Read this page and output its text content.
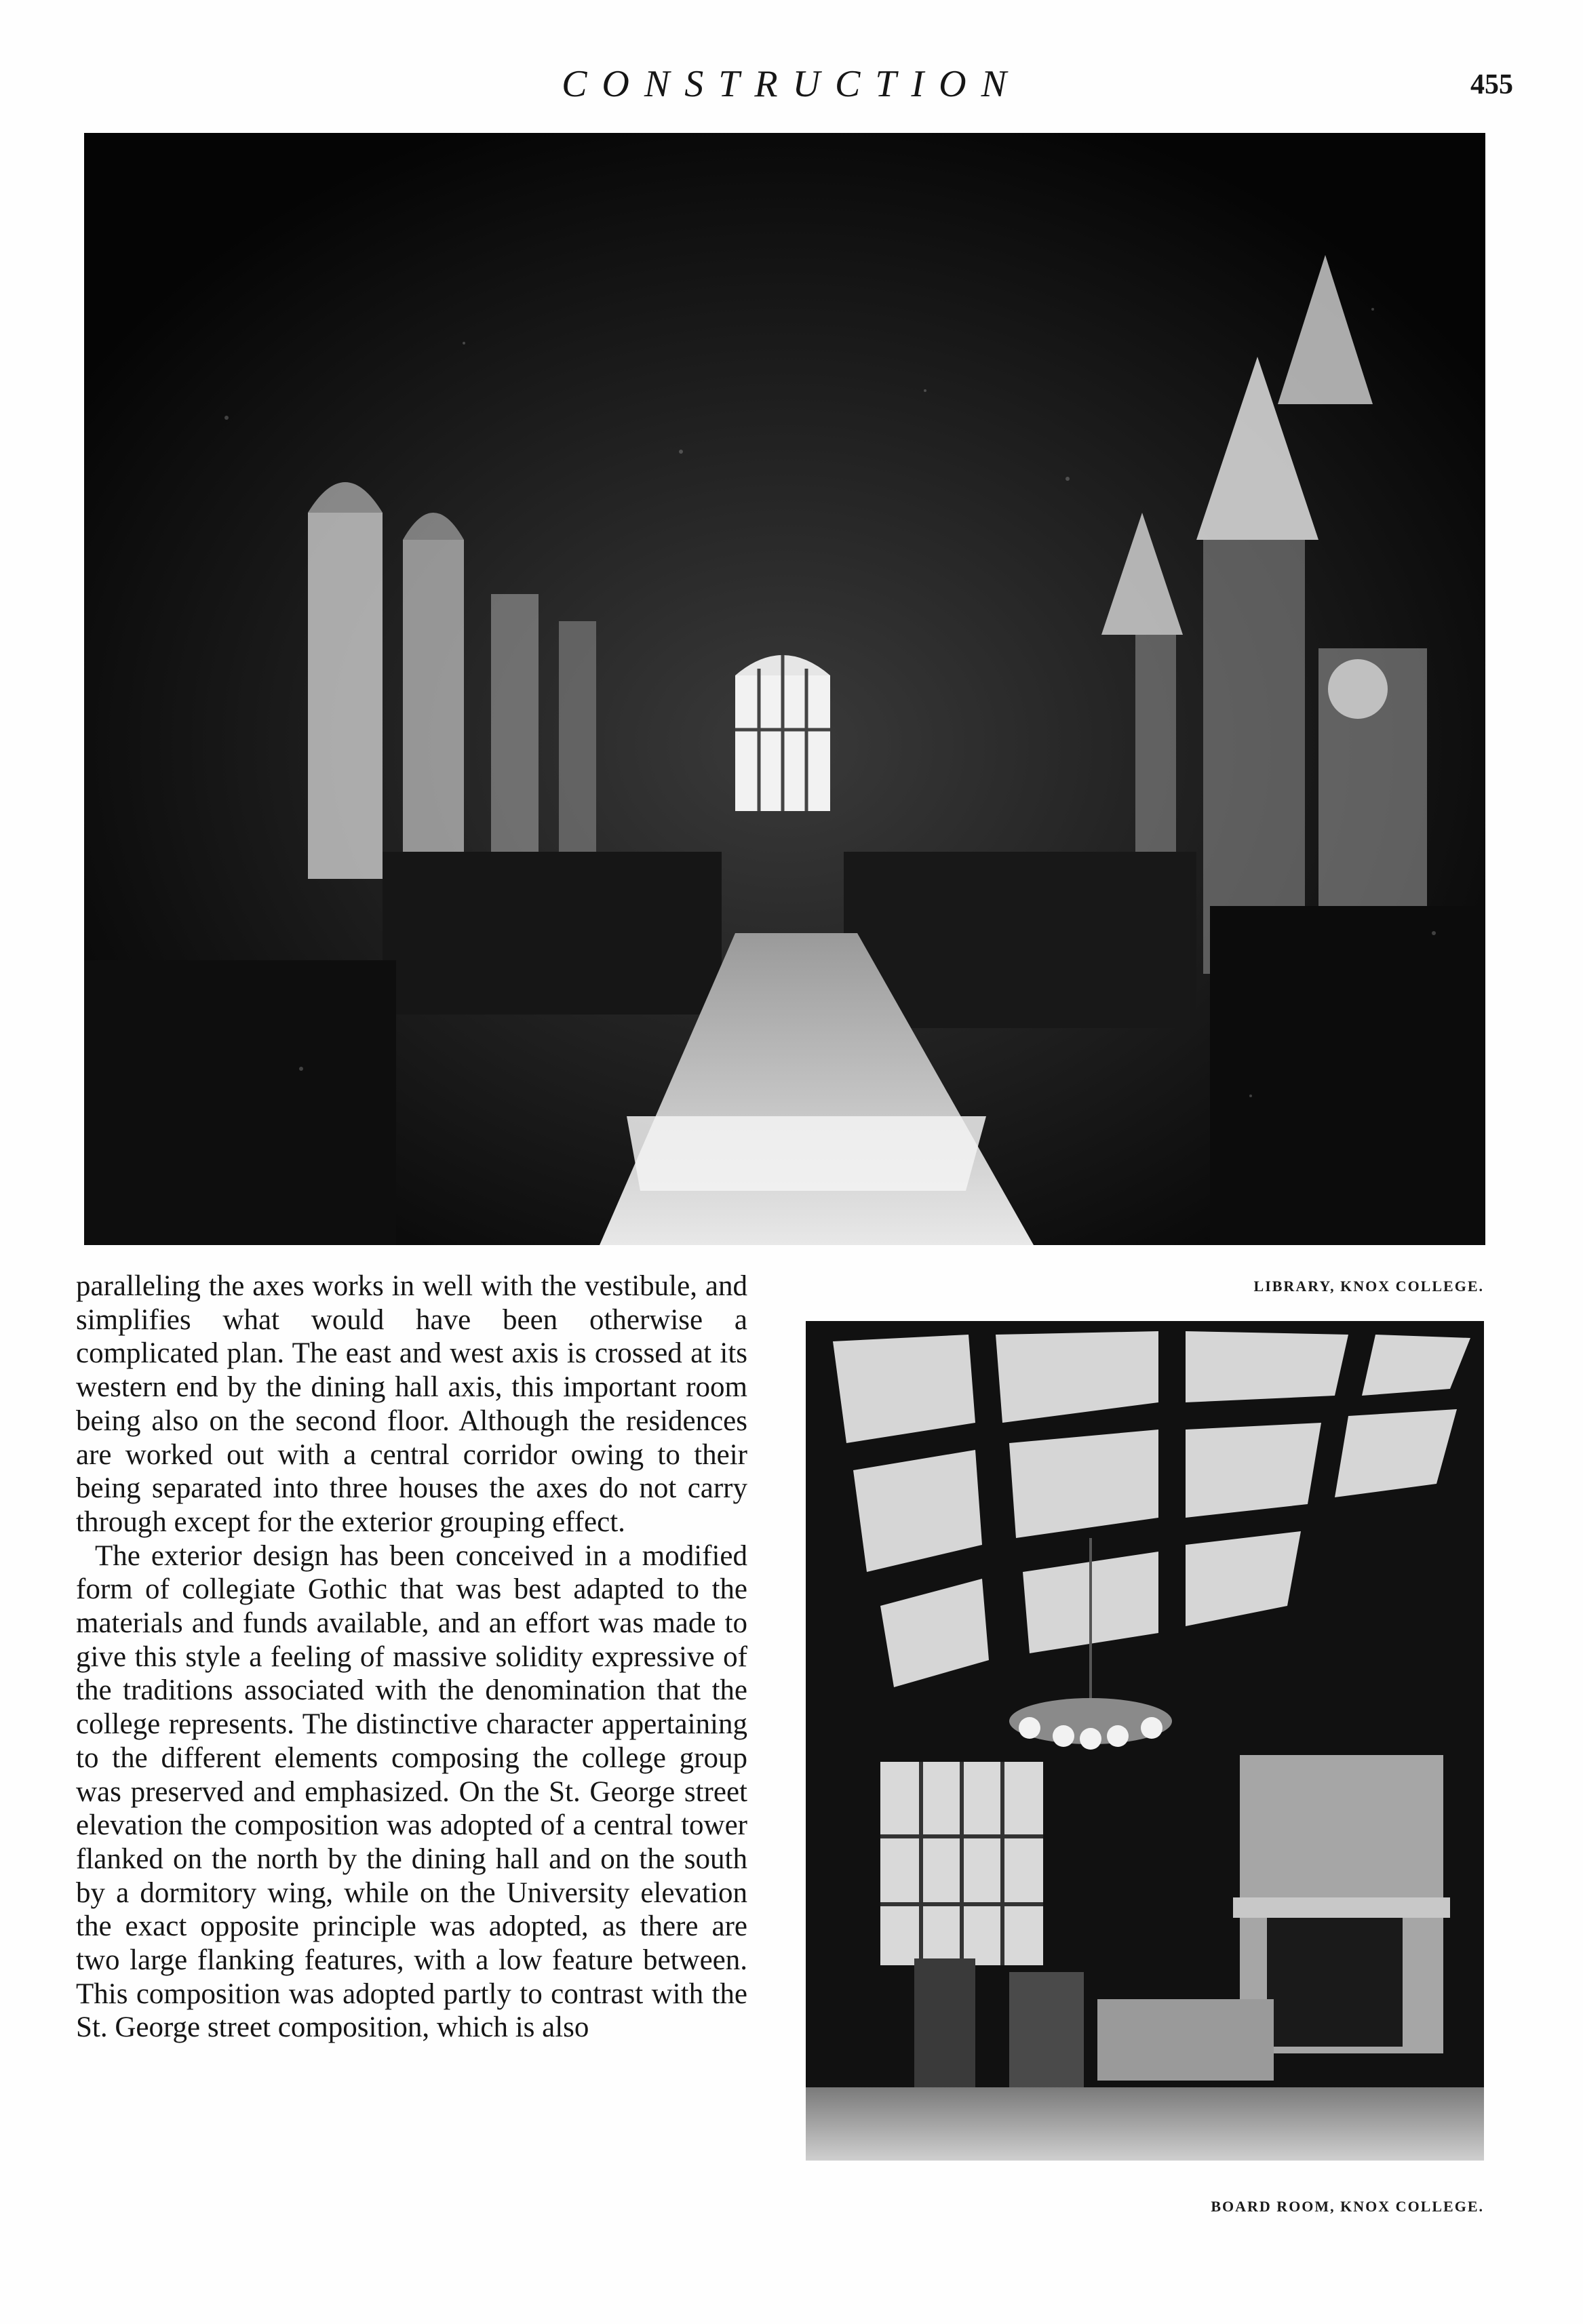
CONSTRUCTION	455
LIBRARY, KNOX COLLEGE.
BOARD ROOM, KNOX COLLEGE.

paralleling the axes works in well with the vestibule, and simplifies what would have been otherwise a complicated plan. The east and west axis is crossed at its western end by the dining hall axis, this important room being also on the second floor. Although the residences are worked out with a central corridor owing to their being separated into three houses the axes do not carry through except for the exterior grouping effect.

The exterior design has been conceived in a modified form of collegiate Gothic that was best adapted to the materials and funds available, and an effort was made to give this style a feeling of massive solidity expressive of the traditions associated with the denomination that the college represents. The distinctive character appertaining to the different elements composing the college group was preserved and emphasized. On the St. George street elevation the composition was adopted of a central tower flanked on the north by the dining hall and on the south by a dormitory wing, while on the University elevation the exact opposite principle was adopted, as there are two large flanking features, with a low feature between. This composition was adopted partly to contrast with the St. George street composition, which is also
